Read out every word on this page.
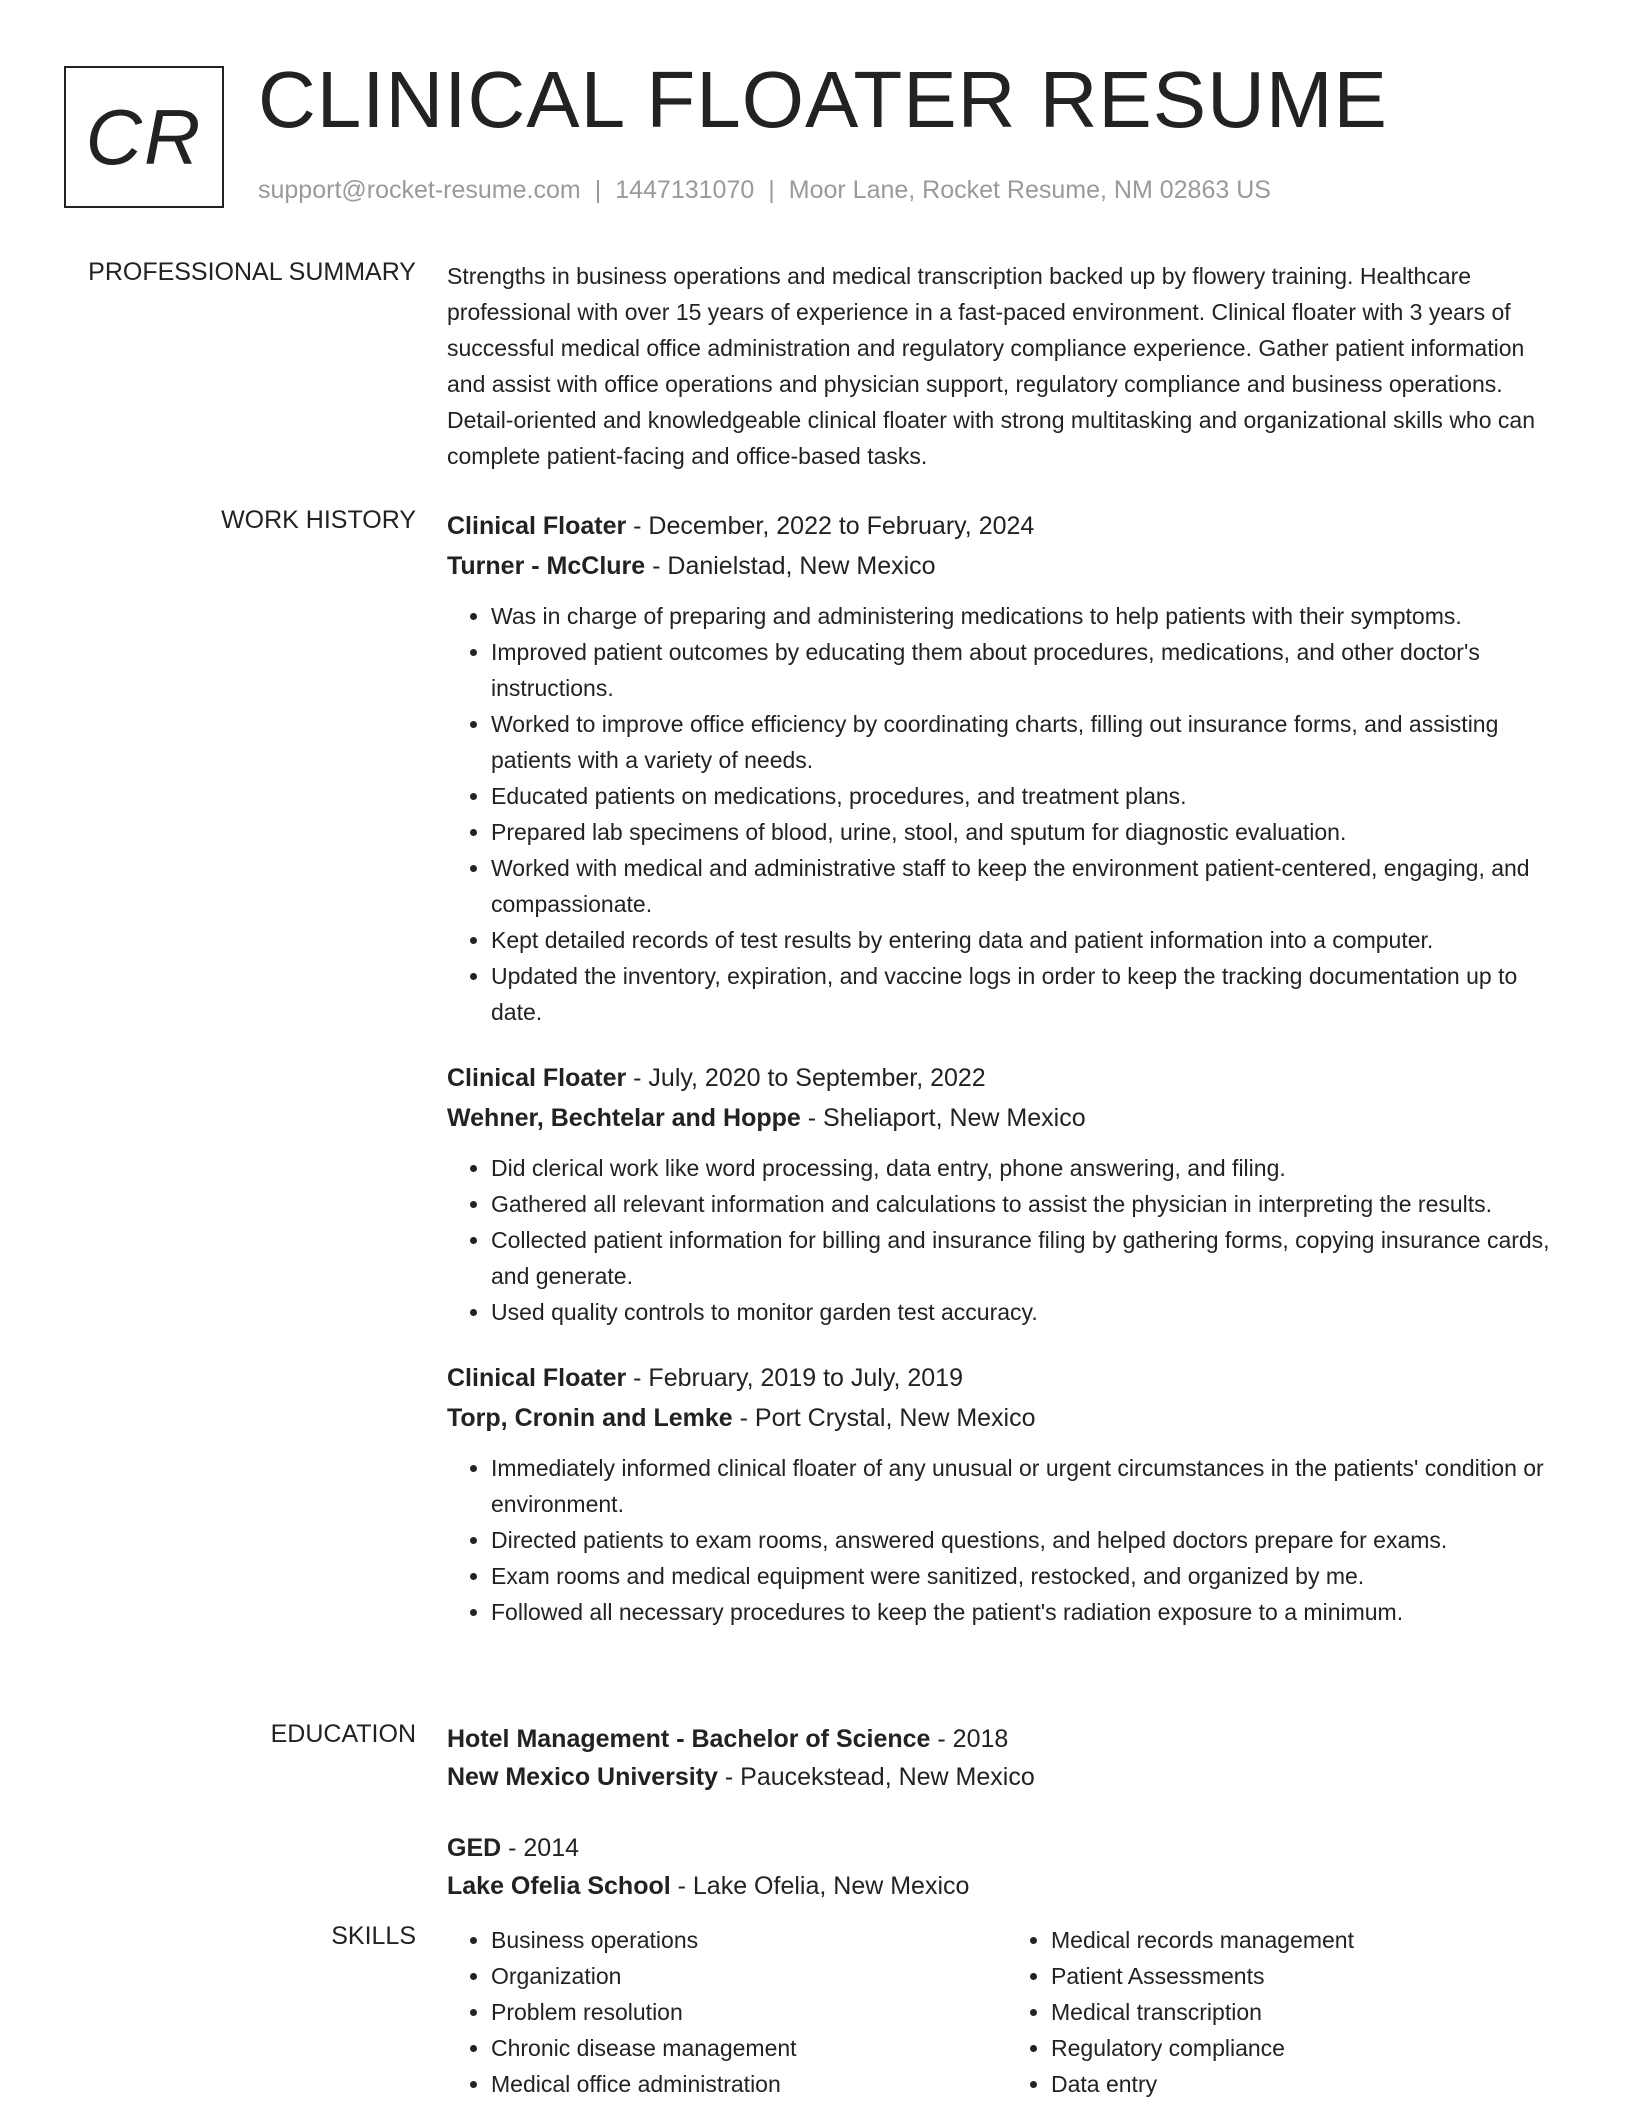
CR CLINICAL FLOATER RESUME
support@rocket-resume.com | 1447131070 | Moor Lane, Rocket Resume, NM 02863 US
PROFESSIONAL SUMMARY Strengths in business operations and medical transcription backed up by flowery training. Healthcare professional with over 15 years of experience in a fast-paced environment. Clinical floater with 3 years of successful medical office administration and regulatory compliance experience. Gather patient information and assist with office operations and physician support, regulatory compliance and business operations. Detail-oriented and knowledgeable clinical floater with strong multitasking and organizational skills who can complete patient-facing and office-based tasks.

WORK HISTORY Clinical Floater - December, 2022 to February, 2024
Turner - McClure - Danielstad, New Mexico
• Was in charge of preparing and administering medications to help patients with their symptoms.
• Improved patient outcomes by educating them about procedures, medications, and other doctor's instructions.
• Worked to improve office efficiency by coordinating charts, filling out insurance forms, and assisting patients with a variety of needs.
• Educated patients on medications, procedures, and treatment plans.
• Prepared lab specimens of blood, urine, stool, and sputum for diagnostic evaluation.
• Worked with medical and administrative staff to keep the environment patient-centered, engaging, and compassionate.
• Kept detailed records of test results by entering data and patient information into a computer.
• Updated the inventory, expiration, and vaccine logs in order to keep the tracking documentation up to date.
Clinical Floater - July, 2020 to September, 2022
Wehner, Bechtelar and Hoppe - Sheliaport, New Mexico
• Did clerical work like word processing, data entry, phone answering, and filing.
• Gathered all relevant information and calculations to assist the physician in interpreting the results.
• Collected patient information for billing and insurance filing by gathering forms, copying insurance cards, and generate.
• Used quality controls to monitor garden test accuracy.
Clinical Floater - February, 2019 to July, 2019
Torp, Cronin and Lemke - Port Crystal, New Mexico
• Immediately informed clinical floater of any unusual or urgent circumstances in the patients' condition or environment.
• Directed patients to exam rooms, answered questions, and helped doctors prepare for exams.
• Exam rooms and medical equipment were sanitized, restocked, and organized by me.
• Followed all necessary procedures to keep the patient's radiation exposure to a minimum.
EDUCATION Hotel Management - Bachelor of Science - 2018
New Mexico University - Paucekstead, New Mexico
GED - 2014
Lake Ofelia School - Lake Ofelia, New Mexico
SKILLS
•	Business operations
• Organization
• Problem resolution
• Chronic disease management
• Medical office administration
• Medical records management
• Patient Assessments
• Medical transcription
• Regulatory compliance
• Data entry
